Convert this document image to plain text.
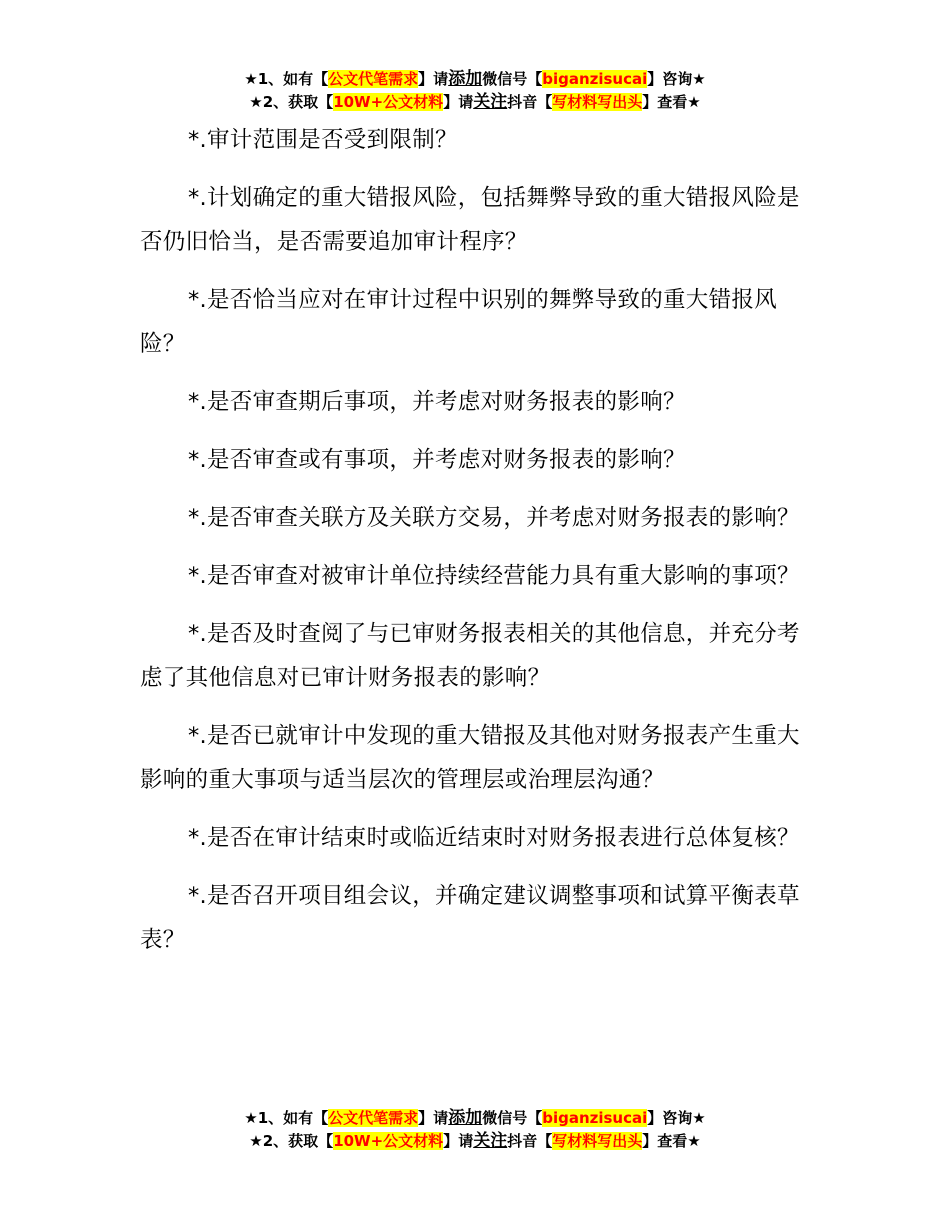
★1、如有【公文代笔需求】请添加微信号【biganzisucai】咨询★
★2、获取【10W+公文材料】请关注抖音【写材料写出头】查看★

*.审计范围是否受到限制？

*.计划确定的重大错报风险，包括舞弊导致的重大错报风险是否仍旧恰当，是否需要追加审计程序？

*.是否恰当应对在审计过程中识别的舞弊导致的重大错报风险？

*.是否审查期后事项，并考虑对财务报表的影响？

*.是否审查或有事项，并考虑对财务报表的影响？

*.是否审查关联方及关联方交易，并考虑对财务报表的影响？

*.是否审查对被审计单位持续经营能力具有重大影响的事项？

*.是否及时查阅了与已审财务报表相关的其他信息，并充分考虑了其他信息对已审计财务报表的影响？

*.是否已就审计中发现的重大错报及其他对财务报表产生重大影响的重大事项与适当层次的管理层或治理层沟通？

*.是否在审计结束时或临近结束时对财务报表进行总体复核？

*.是否召开项目组会议，并确定建议调整事项和试算平衡表草表？

★1、如有【公文代笔需求】请添加微信号【biganzisucai】咨询★
★2、获取【10W+公文材料】请关注抖音【写材料写出头】查看★
